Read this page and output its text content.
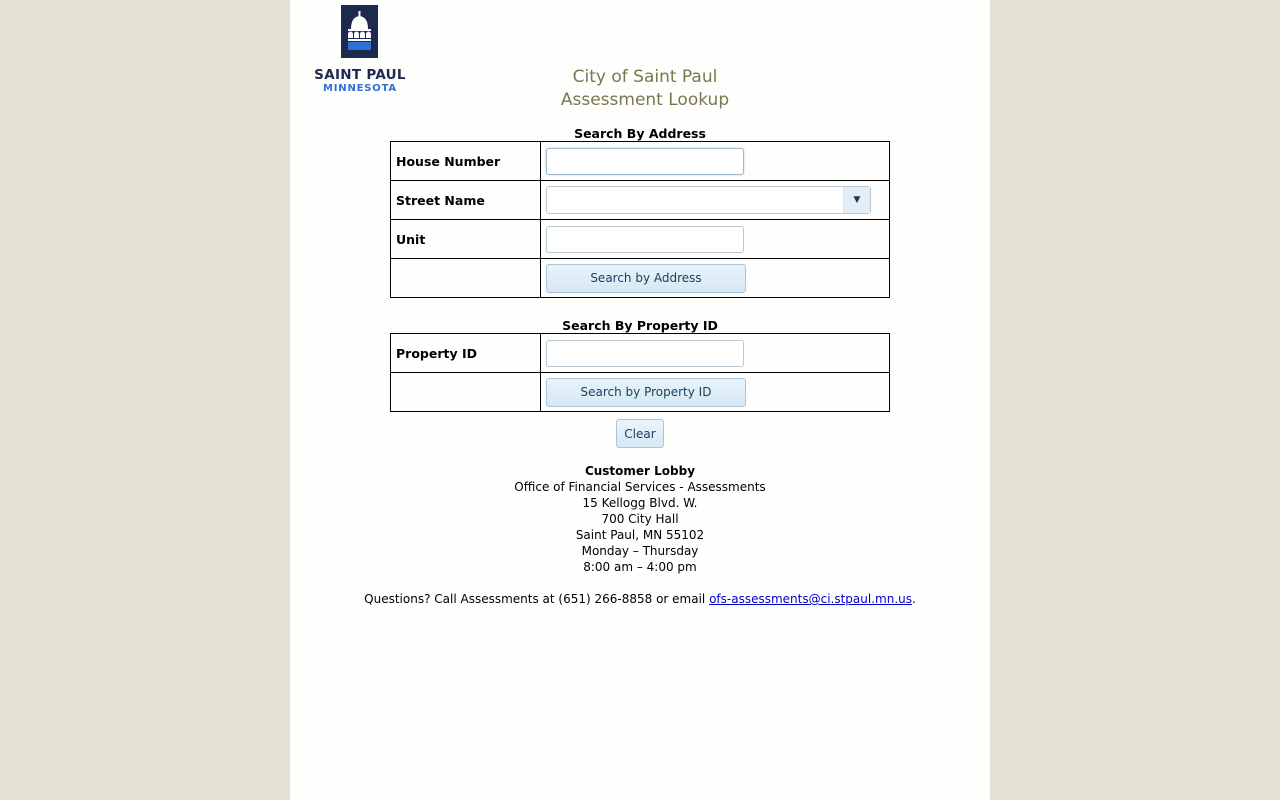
SAINT PAUL
MINNESOTA
City of Saint Paul
Assessment Lookup
Search By Address
House Number	
Street Name	▼

Unit	
	Search by Address
Search By Property ID
Property ID	
	Search by Property ID
Clear
Customer Lobby
Office of Financial Services - Assessments
15 Kellogg Blvd. W.
700 City Hall
Saint Paul, MN 55102
Monday – Thursday
8:00 am – 4:00 pm
Questions? Call Assessments at (651) 266-8858 or email ofs-assessments@ci.stpaul.mn.us.
